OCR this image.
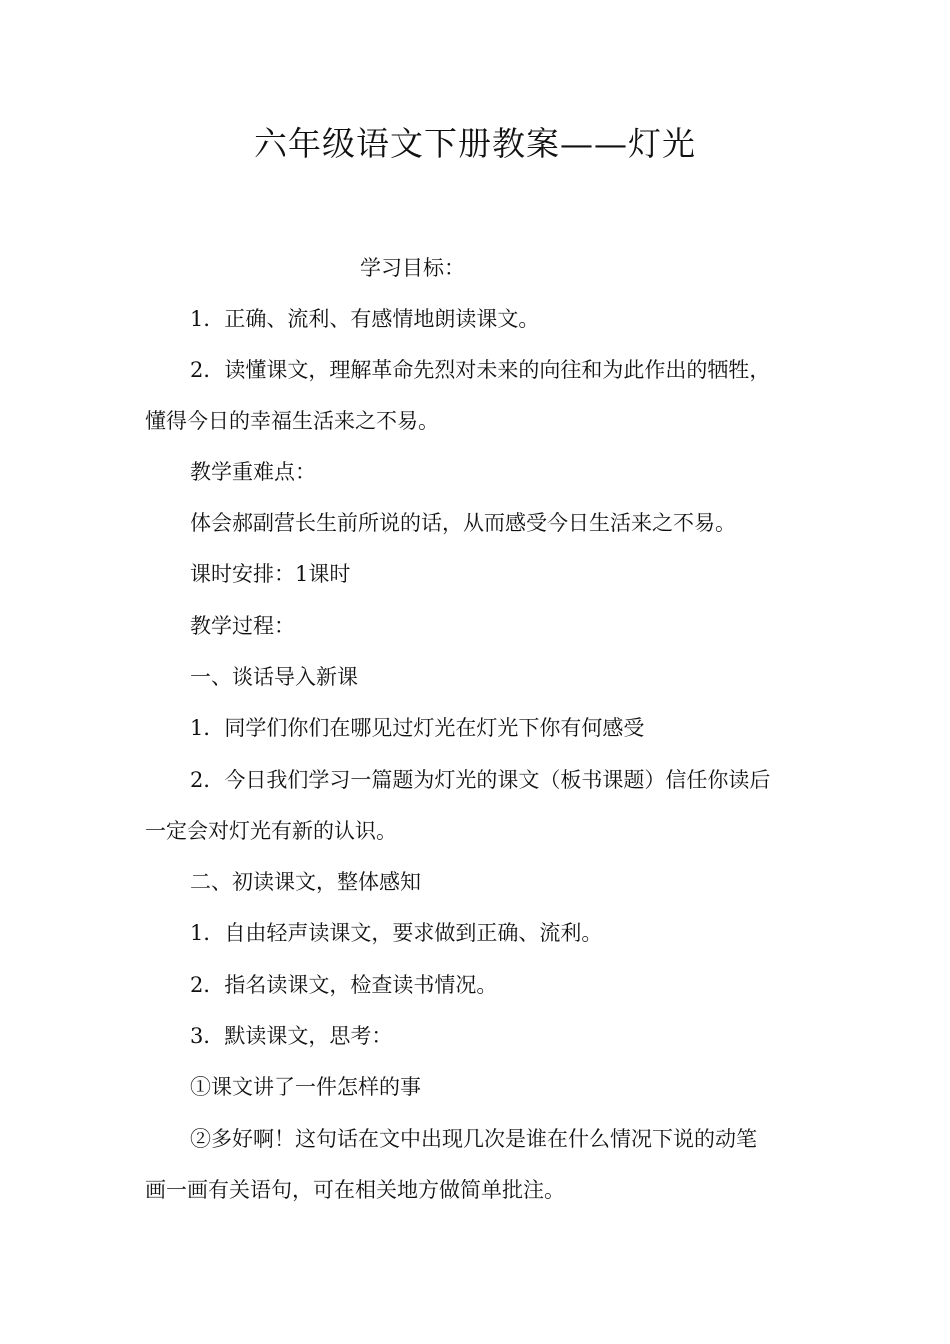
六年级语文下册教案——灯光
学习目标：
1．正确、流利、有感情地朗读课文。
2．读懂课文，理解革命先烈对未来的向往和为此作出的牺牲，
懂得今日的幸福生活来之不易。
教学重难点：
体会郝副营长生前所说的话，从而感受今日生活来之不易。
课时安排：1课时
教学过程：
一、谈话导入新课
1．同学们你们在哪见过灯光在灯光下你有何感受
2．今日我们学习一篇题为灯光的课文（板书课题）信任你读后
一定会对灯光有新的认识。
二、初读课文，整体感知
1．自由轻声读课文，要求做到正确、流利。
2．指名读课文，检查读书情况。
3．默读课文，思考：
①课文讲了一件怎样的事
②多好啊！这句话在文中出现几次是谁在什么情况下说的动笔
画一画有关语句，可在相关地方做简单批注。
